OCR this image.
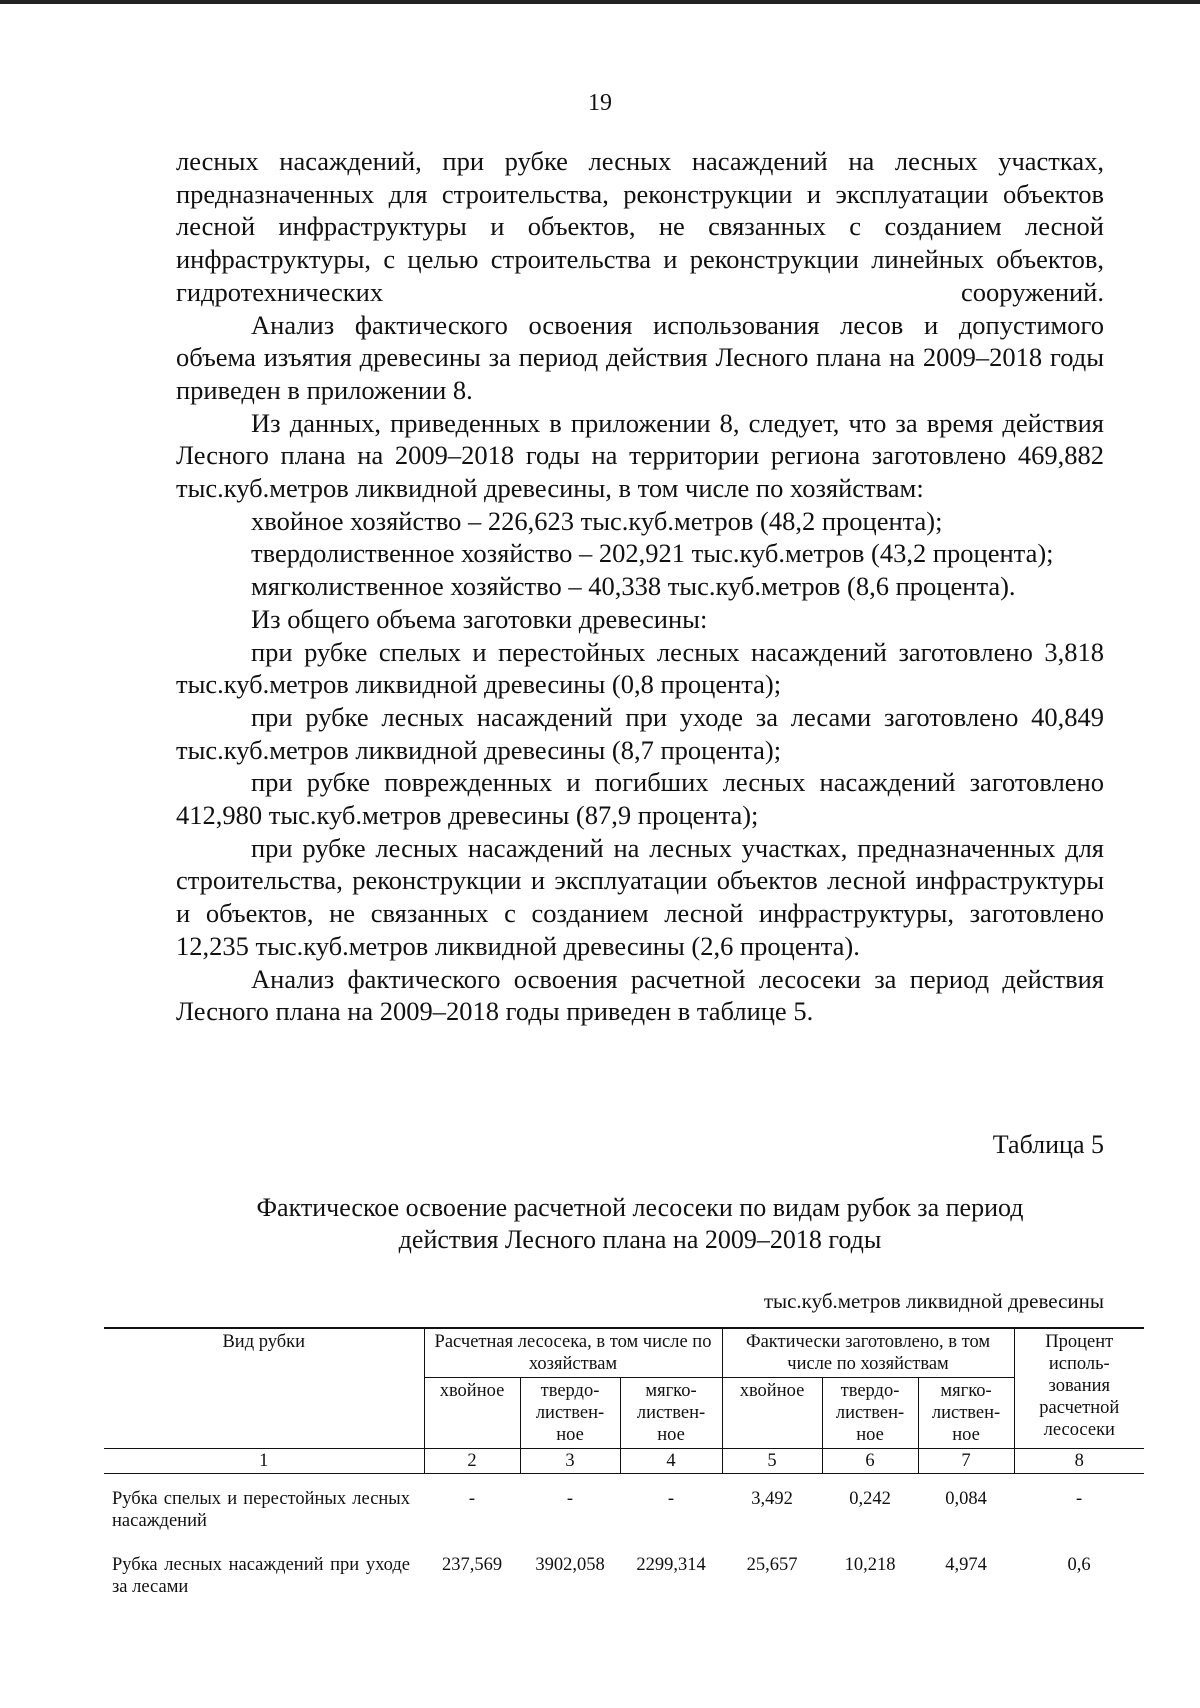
19

лесных насаждений, при рубке лесных насаждений на лесных участках, предназначенных для строительства, реконструкции и эксплуатации объектов лесной инфраструктуры и объектов, не связанных с созданием лесной инфраструктуры, с целью строительства и реконструкции линейных объектов, гидротехнических сооружений.

Анализ фактического освоения использования лесов и допустимого объема изъятия древесины за период действия Лесного плана на 2009–2018 годы приведен в приложении 8.

Из данных, приведенных в приложении 8, следует, что за время действия Лесного плана на 2009–2018 годы на территории региона заготовлено 469,882 тыс.куб.метров ликвидной древесины, в том числе по хозяйствам:

хвойное хозяйство – 226,623 тыс.куб.метров (48,2 процента);

твердолиственное хозяйство – 202,921 тыс.куб.метров (43,2 процента);

мягколиственное хозяйство – 40,338 тыс.куб.метров (8,6 процента).

Из общего объема заготовки древесины:

при рубке спелых и перестойных лесных насаждений заготовлено 3,818 тыс.куб.метров ликвидной древесины (0,8 процента);

при рубке лесных насаждений при уходе за лесами заготовлено 40,849 тыс.куб.метров ликвидной древесины (8,7 процента);

при рубке поврежденных и погибших лесных насаждений заготовлено 412,980 тыс.куб.метров древесины (87,9 процента);

при рубке лесных насаждений на лесных участках, предназначенных для строительства, реконструкции и эксплуатации объектов лесной инфраструктуры и объектов, не связанных с созданием лесной инфраструктуры, заготовлено 12,235 тыс.куб.метров ликвидной древесины (2,6 процента).

Анализ фактического освоения расчетной лесосеки за период действия Лесного плана на 2009–2018 годы приведен в таблице 5.

Таблица 5
Фактическое освоение расчетной лесосеки по видам рубок за период
действия Лесного плана на 2009–2018 годы
тыс.куб.метров ликвидной древесины
Вид рубки	Расчетная лесосека, в том числе по хозяйствам			Фактически заготовлено, в том числе по хозяйствам			Процент исполь- зования расчетной лесосеки
	хвойное	твердо- листвен- ное	мягко- листвен- ное	хвойное	твердо- листвен- ное	мягко- листвен- ное	
1	2	3	4	5	6	7	8
Рубка спелых и перестойных лесных насаждений	-	-	-	3,492	0,242	0,084	-
Рубка лесных насаждений при уходе за лесами	237,569	3902,058	2299,314	25,657	10,218	4,974	0,6
